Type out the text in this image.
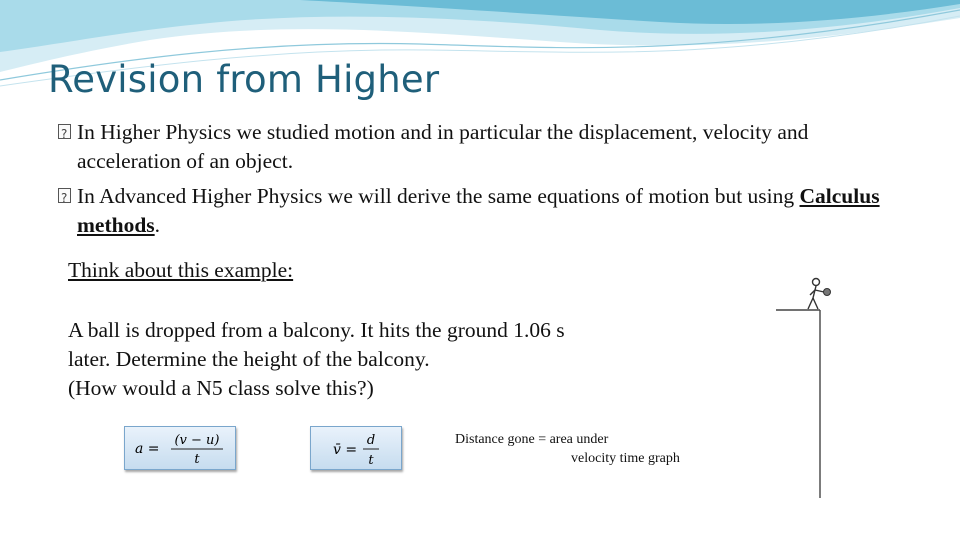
Revision from Higher
?
In Higher Physics we studied motion and in particular the displacement, velocity and acceleration of an object.
?
In Advanced Higher Physics we will derive the same equations of motion but using Calculus methods.
Think about this example:
A ball is dropped from a balcony. It hits the ground 1.06 s
later. Determine the height of the balcony.
(How would a N5 class solve this?)
a =
(v − u)
t
v̄ =
d
t
Distance gone = area under
velocity time graph
